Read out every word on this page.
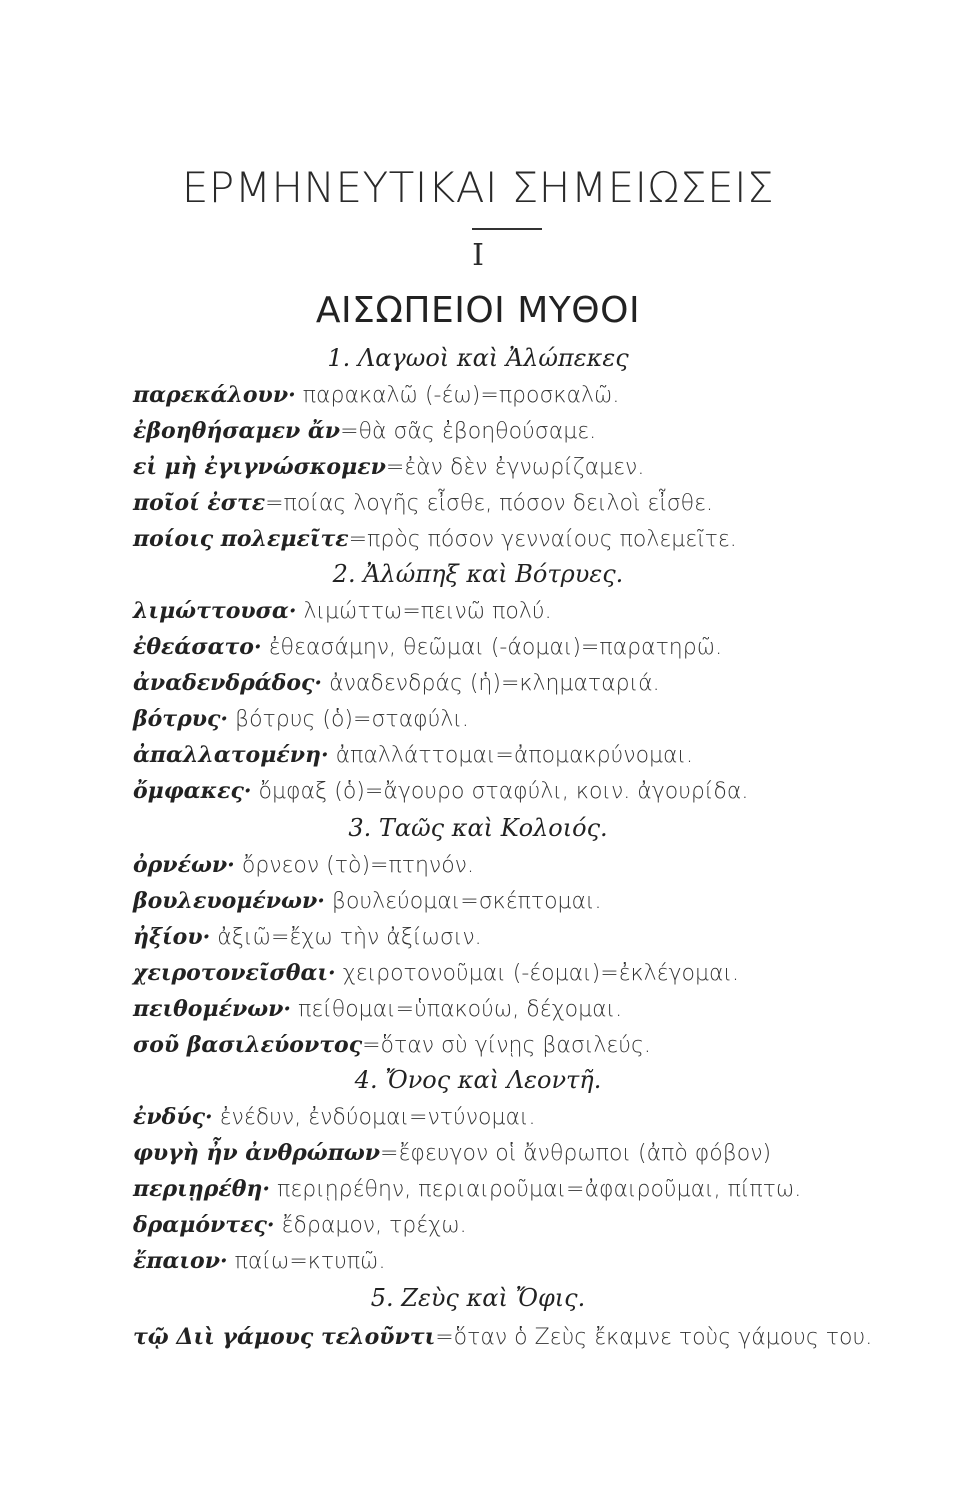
ΕΡΜΗΝΕΥΤΙΚΑΙ ΣΗΜΕΙΩΣΕΙΣ
I
ΑΙΣΩΠΕΙΟΙ ΜΥΘΟΙ
1. Λαγωοὶ καὶ Ἀλώπεκες
παρεκάλουν· παρακαλῶ (-έω)=προσκαλῶ.
ἐβοηθήσαμεν ἄν=θὰ σᾶς ἐβοηθούσαμε.
εἰ μὴ ἐγιγνώσκομεν=ἐὰν δὲν ἐγνωρίζαμεν.
ποῖοί ἐστε=ποίας λογῆς εἶσθε, πόσον δειλοὶ εἶσθε.
ποίοις πολεμεῖτε=πρὸς πόσον γενναίους πολεμεῖτε.
2. Ἀλώπηξ καὶ Βότρυες.
λιμώττουσα· λιμώττω=πεινῶ πολύ.
ἐθεάσατο· ἐθεασάμην, θεῶμαι (-άομαι)=παρατηρῶ.
ἀναδενδράδος· ἀναδενδράς (ἡ)=κληματαριά.
βότρυς· βότρυς (ὁ)=σταφύλι.
ἀπαλλατομένη· ἀπαλλάττομαι=ἀπομακρύνομαι.
ὄμφακες· ὄμφαξ (ὁ)=ἄγουρο σταφύλι, κοιν. ἀγουρίδα.
3. Ταῶς καὶ Κολοιός.
ὀρνέων· ὄρνεον (τὸ)=πτηνόν.
βουλευομένων· βουλεύομαι=σκέπτομαι.
ἠξίου· ἀξιῶ=ἔχω τὴν ἀξίωσιν.
χειροτονεῖσθαι· χειροτονοῦμαι (-έομαι)=ἐκλέγομαι.
πειθομένων· πείθομαι=ὑπακούω, δέχομαι.
σοῦ βασιλεύοντος=ὅταν σὺ γίνῃς βασιλεύς.
4. Ὄνος καὶ Λεοντῆ.
ἐνδύς· ἐνέδυν, ἐνδύομαι=ντύνομαι.
φυγὴ ἦν ἀνθρώπων=ἔφευγον οἱ ἄνθρωποι (ἀπὸ φόβον)
περιῃρέθη· περιῃρέθην, περιαιροῦμαι=ἀφαιροῦμαι, πίπτω.
δραμόντες· ἔδραμον, τρέχω.
ἔπαιον· παίω=κτυπῶ.
5. Ζεὺς καὶ Ὄφις.
τῷ Διὶ γάμους τελοῦντι=ὅταν ὁ Ζεὺς ἔκαμνε τοὺς γάμους του.
